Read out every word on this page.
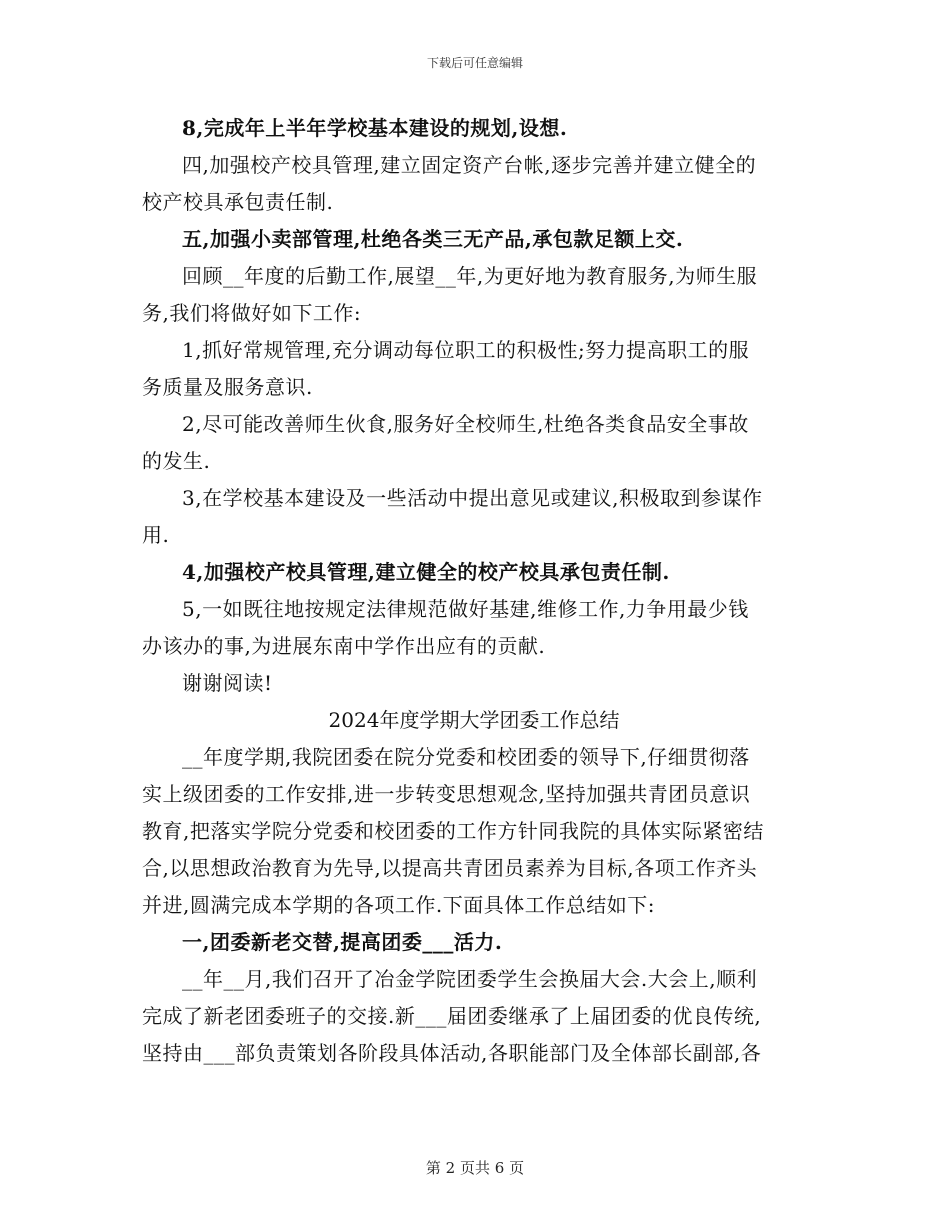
下载后可任意编辑

8,完成年上半年学校基本建设的规划,设想.

四,加强校产校具管理,建立固定资产台帐,逐步完善并建立健全的
校产校具承包责任制.

五,加强小卖部管理,杜绝各类三无产品,承包款足额上交.

回顾__年度的后勤工作,展望__年,为更好地为教育服务,为师生服
务,我们将做好如下工作:

1,抓好常规管理,充分调动每位职工的积极性;努力提高职工的服
务质量及服务意识.

2,尽可能改善师生伙食,服务好全校师生,杜绝各类食品安全事故
的发生.

3,在学校基本建设及一些活动中提出意见或建议,积极取到参谋作
用.

4,加强校产校具管理,建立健全的校产校具承包责任制.

5,一如既往地按规定法律规范做好基建,维修工作,力争用最少钱
办该办的事,为进展东南中学作出应有的贡献.

谢谢阅读!

2024年度学期大学团委工作总结

__年度学期,我院团委在院分党委和校团委的领导下,仔细贯彻落
实上级团委的工作安排,进一步转变思想观念,坚持加强共青团员意识
教育,把落实学院分党委和校团委的工作方针同我院的具体实际紧密结
合,以思想政治教育为先导,以提高共青团员素养为目标,各项工作齐头
并进,圆满完成本学期的各项工作.下面具体工作总结如下:

一,团委新老交替,提高团委___活力.

__年__月,我们召开了冶金学院团委学生会换届大会.大会上,顺利
完成了新老团委班子的交接.新___届团委继承了上届团委的优良传统,
坚持由___部负责策划各阶段具体活动,各职能部门及全体部长副部,各

第 2 页共 6 页
